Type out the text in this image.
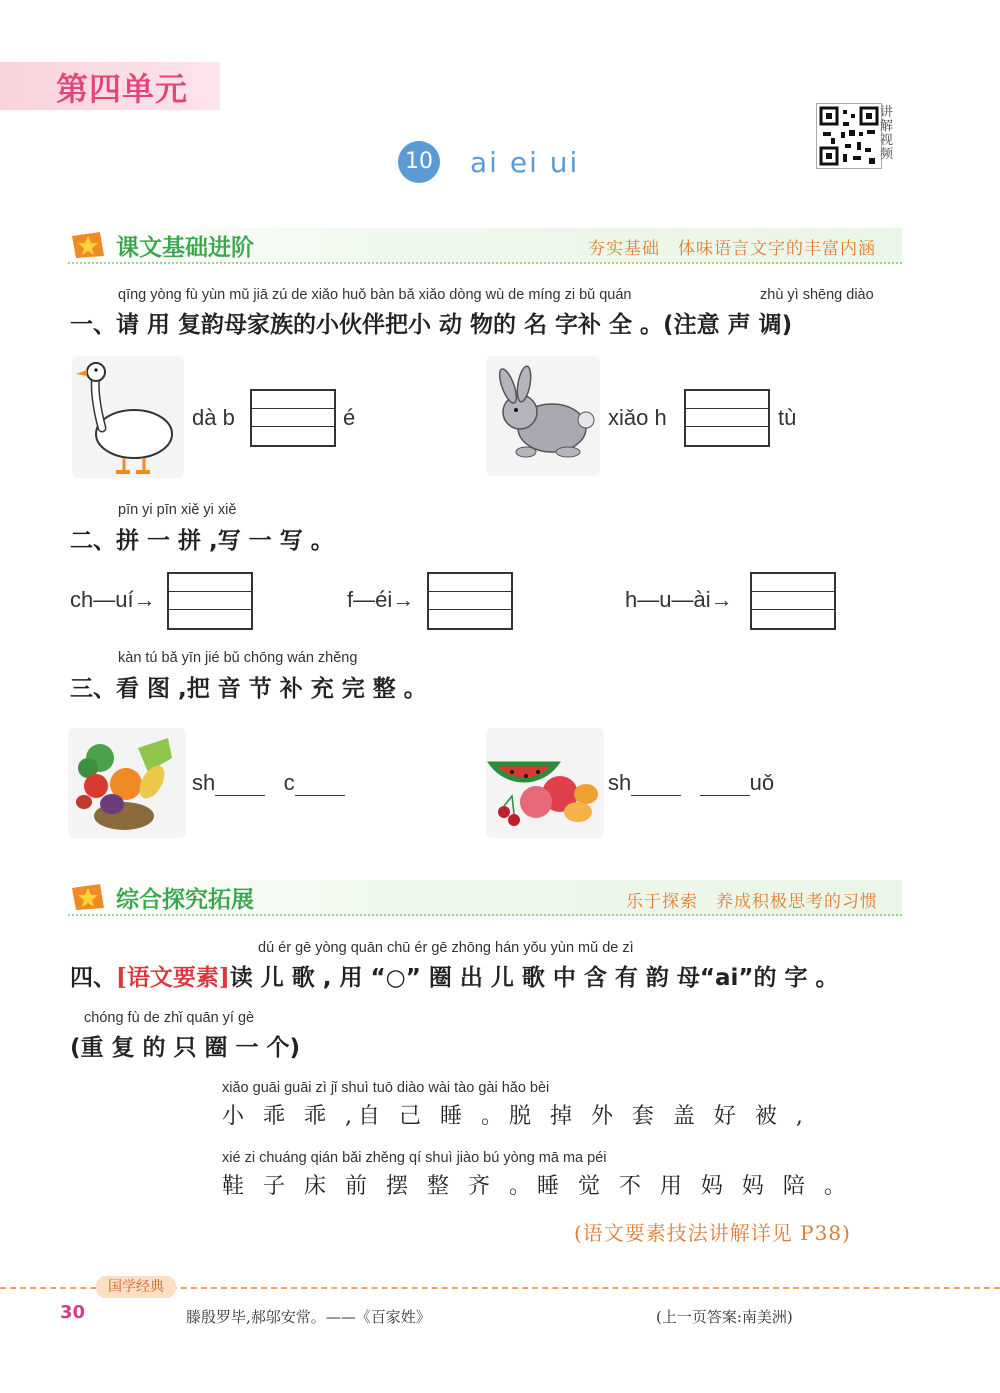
第四单元
讲解视频
10 ai ei ui
课文基础进阶	夯实基础　体味语言文字的丰富内涵
qīng yòng fù yùn mǔ jiā zú de xiǎo huǒ bàn bǎ xiǎo dòng wù de míng zi bǔ quán	zhù yì shēng diào
一、请 用 复韵母家族的小伙伴把小 动 物的 名 字补 全 。(注意 声 调)
dà b	é	xiǎo h	tù
pīn yi pīn xiě yi xiě
二、拼 一 拼 ,写 一 写 。
ch—uí→	f—éi→	h—u—ài→
kàn tú bǎ yīn jié bǔ chōng wán zhěng
三、看 图 ,把 音 节 补 充 完 整 。
sh	c	sh	uǒ
综合探究拓展	乐于探索　养成积极思考的习惯
dú ér gē yòng quān chū ér gē zhōng hán yǒu yùn mǔ de zì
四、[语文要素]读 儿 歌 , 用 “○” 圈 出 儿 歌 中 含 有 韵 母“ai”的 字 。
chóng fù de zhǐ quān yí gè
(重 复 的 只 圈 一 个)
xiǎo guāi guāi zì jǐ shuì tuō diào wài tào gài hǎo bèi
小 乖 乖 ,自 己 睡 。脱 掉 外 套 盖 好 被 ,
xié zi chuáng qián bǎi zhěng qí shuì jiào bú yòng mā ma péi
鞋 子 床 前 摆 整 齐 。睡 觉 不 用 妈 妈 陪 。
(语文要素技法讲解详见 P38)
国学经典
30	滕殷罗毕,郝邬安常。——《百家姓》	(上一页答案:南美洲)
